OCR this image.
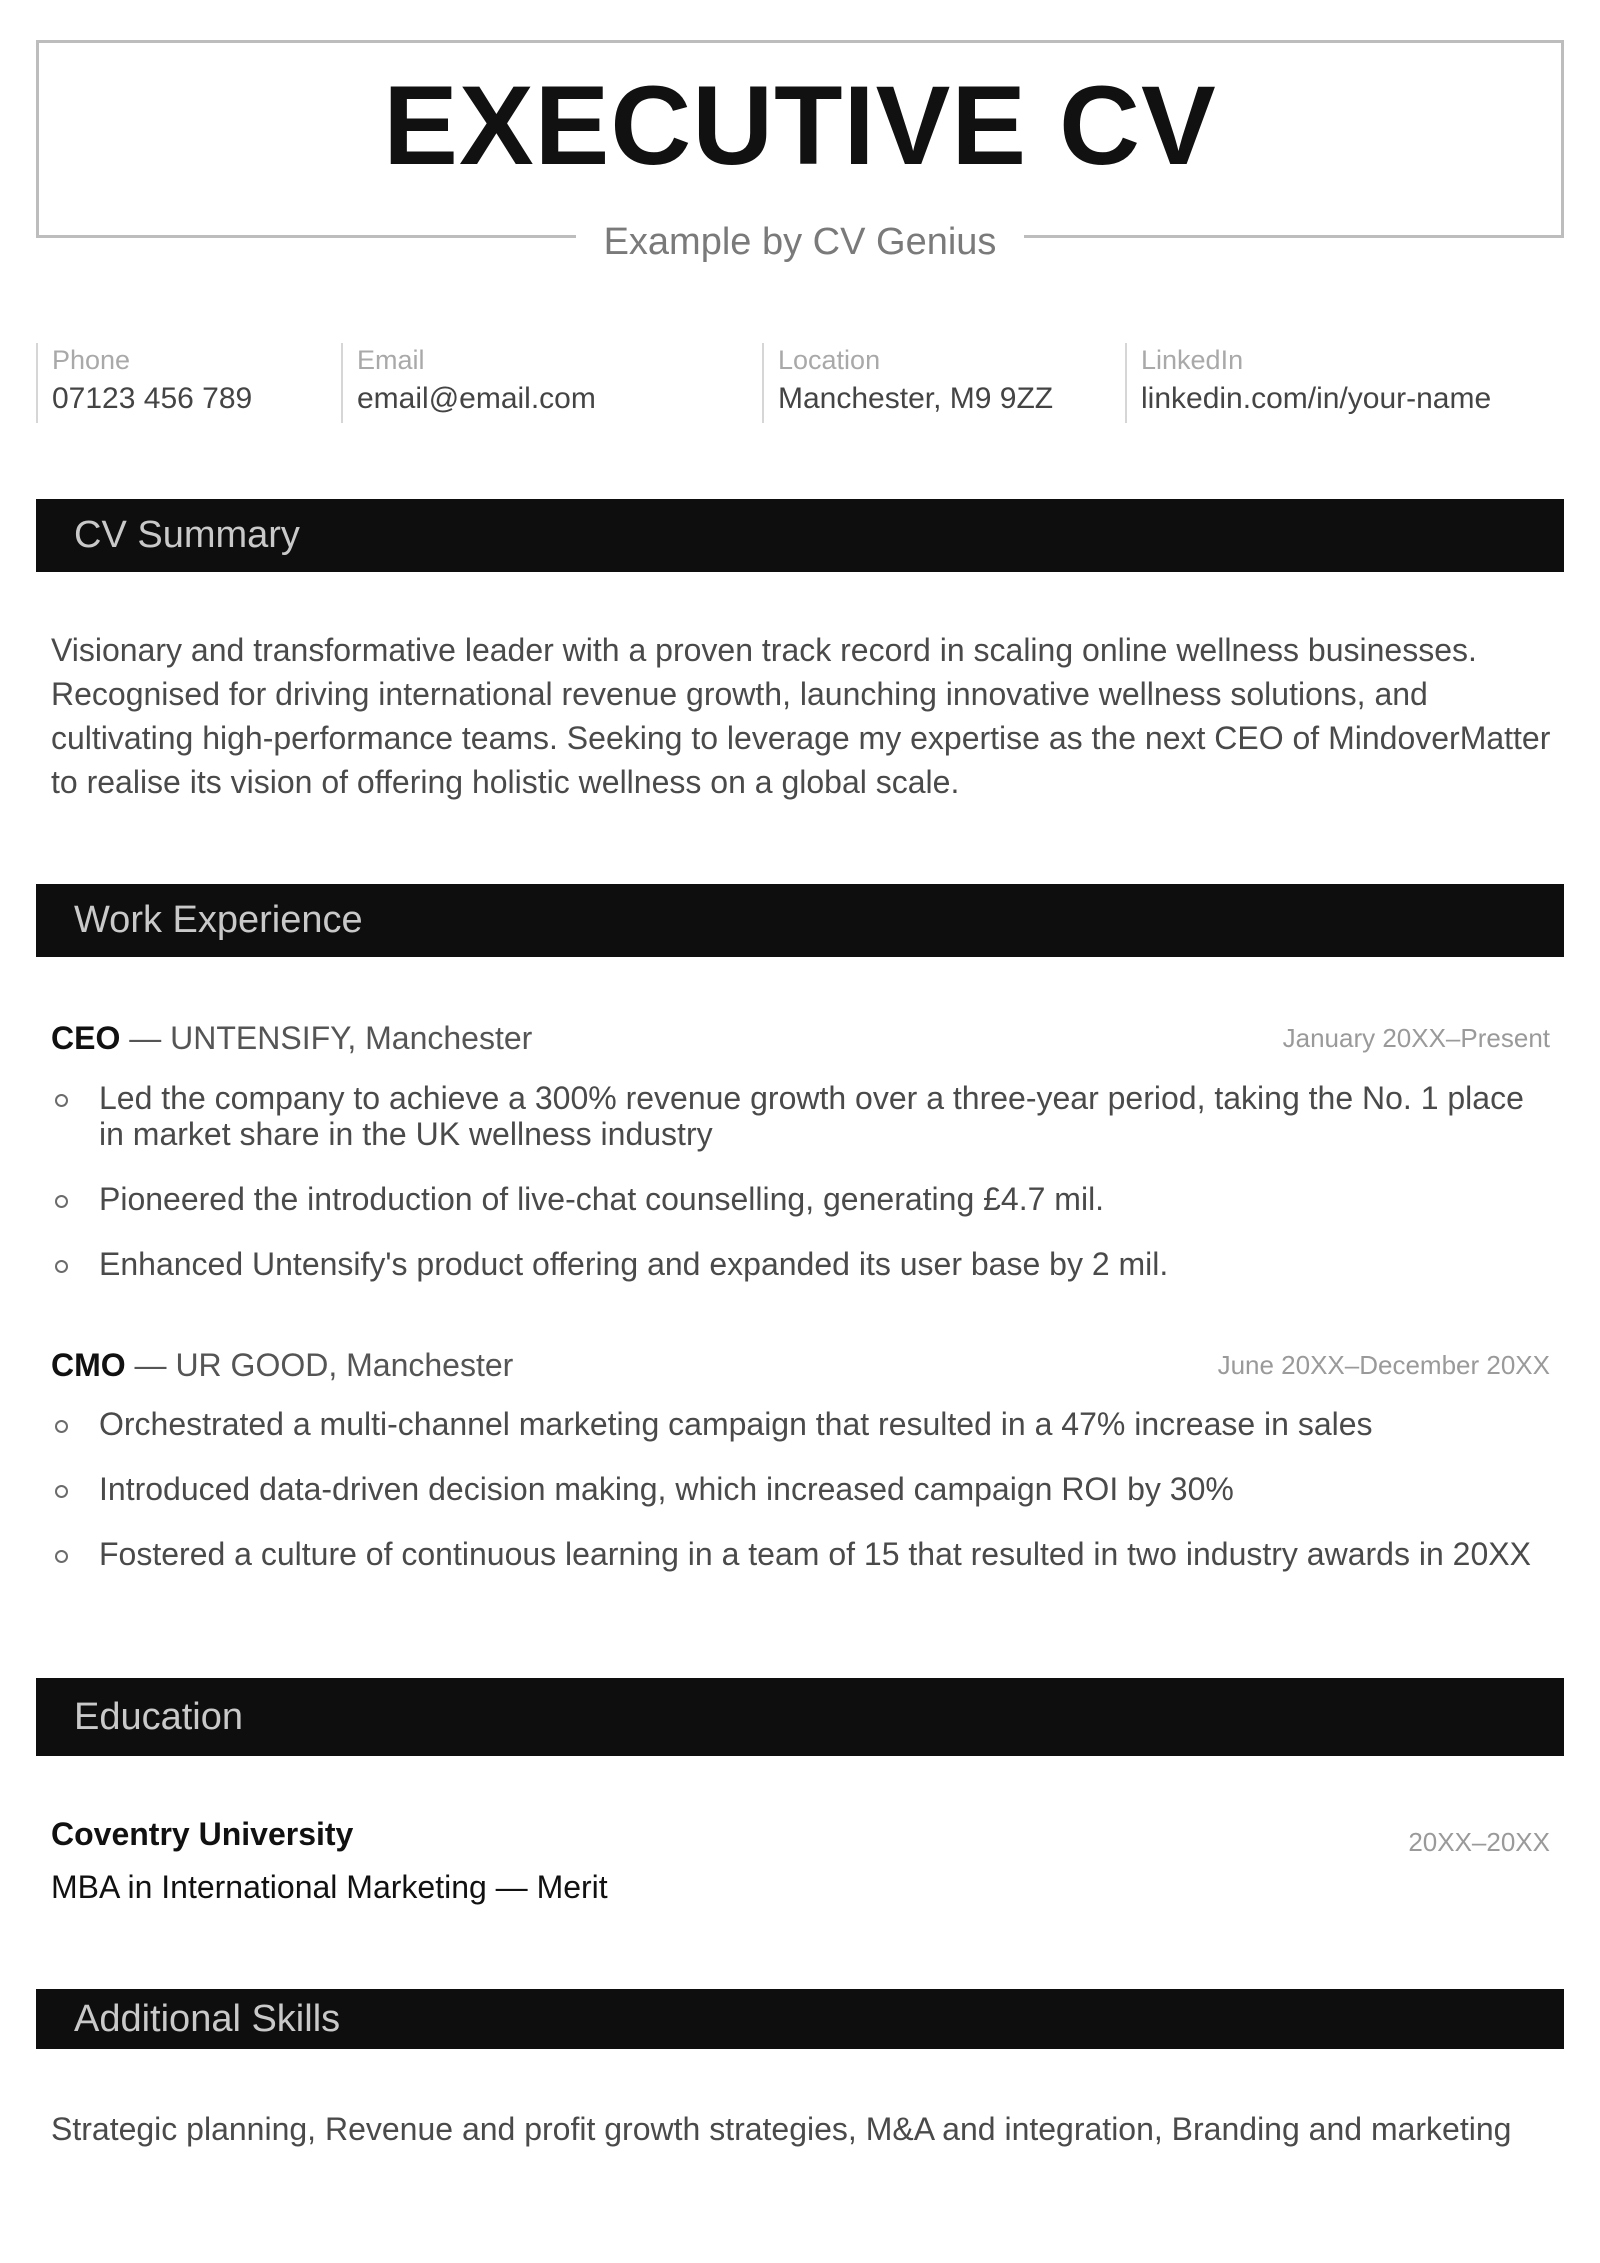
EXECUTIVE CV
Example by CV Genius
Phone
07123 456 789
Email
email@email.com
Location
Manchester, M9 9ZZ
LinkedIn
linkedin.com/in/your-name
CV Summary

Visionary and transformative leader with a proven track record in scaling online wellness businesses. Recognised for driving international revenue growth, launching innovative wellness solutions, and cultivating high-performance teams. Seeking to leverage my expertise as the next CEO of MindoverMatter to realise its vision of offering holistic wellness on a global scale.

Work Experience
CEO — UNTENSIFY, Manchester	January 20XX–Present
Led the company to achieve a 300% revenue growth over a three-year period, taking the No. 1 place in market share in the UK wellness industry
Pioneered the introduction of live-chat counselling, generating £4.7 mil.
Enhanced Untensify's product offering and expanded its user base by 2 mil.
CMO — UR GOOD, Manchester	June 20XX–December 20XX
Orchestrated a multi-channel marketing campaign that resulted in a 47% increase in sales
Introduced data-driven decision making, which increased campaign ROI by 30%
Fostered a culture of continuous learning in a team of 15 that resulted in two industry awards in 20XX
Education
Coventry University
MBA in International Marketing — Merit
20XX–20XX
Additional Skills

Strategic planning, Revenue and profit growth strategies, M&A and integration, Branding and marketing
